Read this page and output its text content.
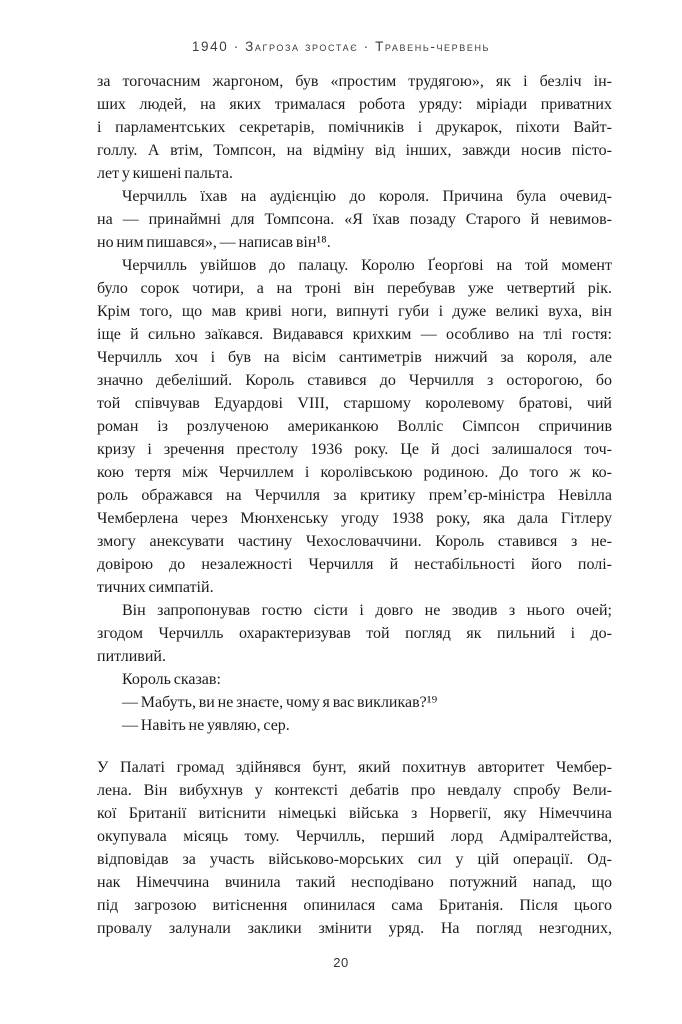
1940 · Загроза зростає · Травень-червень
за тогочасним жаргоном, був «простим трудягою», як і безліч ін-
ших людей, на яких трималася робота уряду: міріади приватних
і парламентських секретарів, помічників і друкарок, піхоти Вайт-
голлу. А втім, Томпсон, на відміну від інших, завжди носив пісто-
лет у кишені пальта.
Черчилль їхав на аудієнцію до короля. Причина була очевид-
на — принаймні для Томпсона. «Я їхав позаду Старого й невимов-
но ним пишався», — написав він¹⁸.
Черчилль увійшов до палацу. Королю Ґеорґові на той момент
було сорок чотири, а на троні він перебував уже четвертий рік.
Крім того, що мав криві ноги, випнуті губи і дуже великі вуха, він
іще й сильно заїкався. Видавався крихким — особливо на тлі гостя:
Черчилль хоч і був на вісім сантиметрів нижчий за короля, але
значно дебеліший. Король ставився до Черчилля з осторогою, бо
той співчував Едуардові VIII, старшому королевому братові, чий
роман із розлученою американкою Волліс Сімпсон спричинив
кризу і зречення престолу 1936 року. Це й досі залишалося точ-
кою тертя між Черчиллем і королівською родиною. До того ж ко-
роль ображався на Черчилля за критику прем’єр-міністра Невілла
Чемберлена через Мюнхенську угоду 1938 року, яка дала Гітлеру
змогу анексувати частину Чехословаччини. Король ставився з не-
довірою до незалежності Черчилля й нестабільності його полі-
тичних симпатій.
Він запропонував гостю сісти і довго не зводив з нього очей;
згодом Черчилль охарактеризував той погляд як пильний і до-
питливий.
Король сказав:
— Мабуть, ви не знаєте, чому я вас викликав?¹⁹
— Навіть не уявляю, сер.
У Палаті громад здійнявся бунт, який похитнув авторитет Чембер-
лена. Він вибухнув у контексті дебатів про невдалу спробу Вели-
кої Британії витіснити німецькі війська з Норвегії, яку Німеччина
окупувала місяць тому. Черчилль, перший лорд Адміралтейства,
відповідав за участь військово-морських сил у цій операції. Од-
нак Німеччина вчинила такий несподівано потужний напад, що
під загрозою витіснення опинилася сама Британія. Після цього
провалу залунали заклики змінити уряд. На погляд незгодних,
20
